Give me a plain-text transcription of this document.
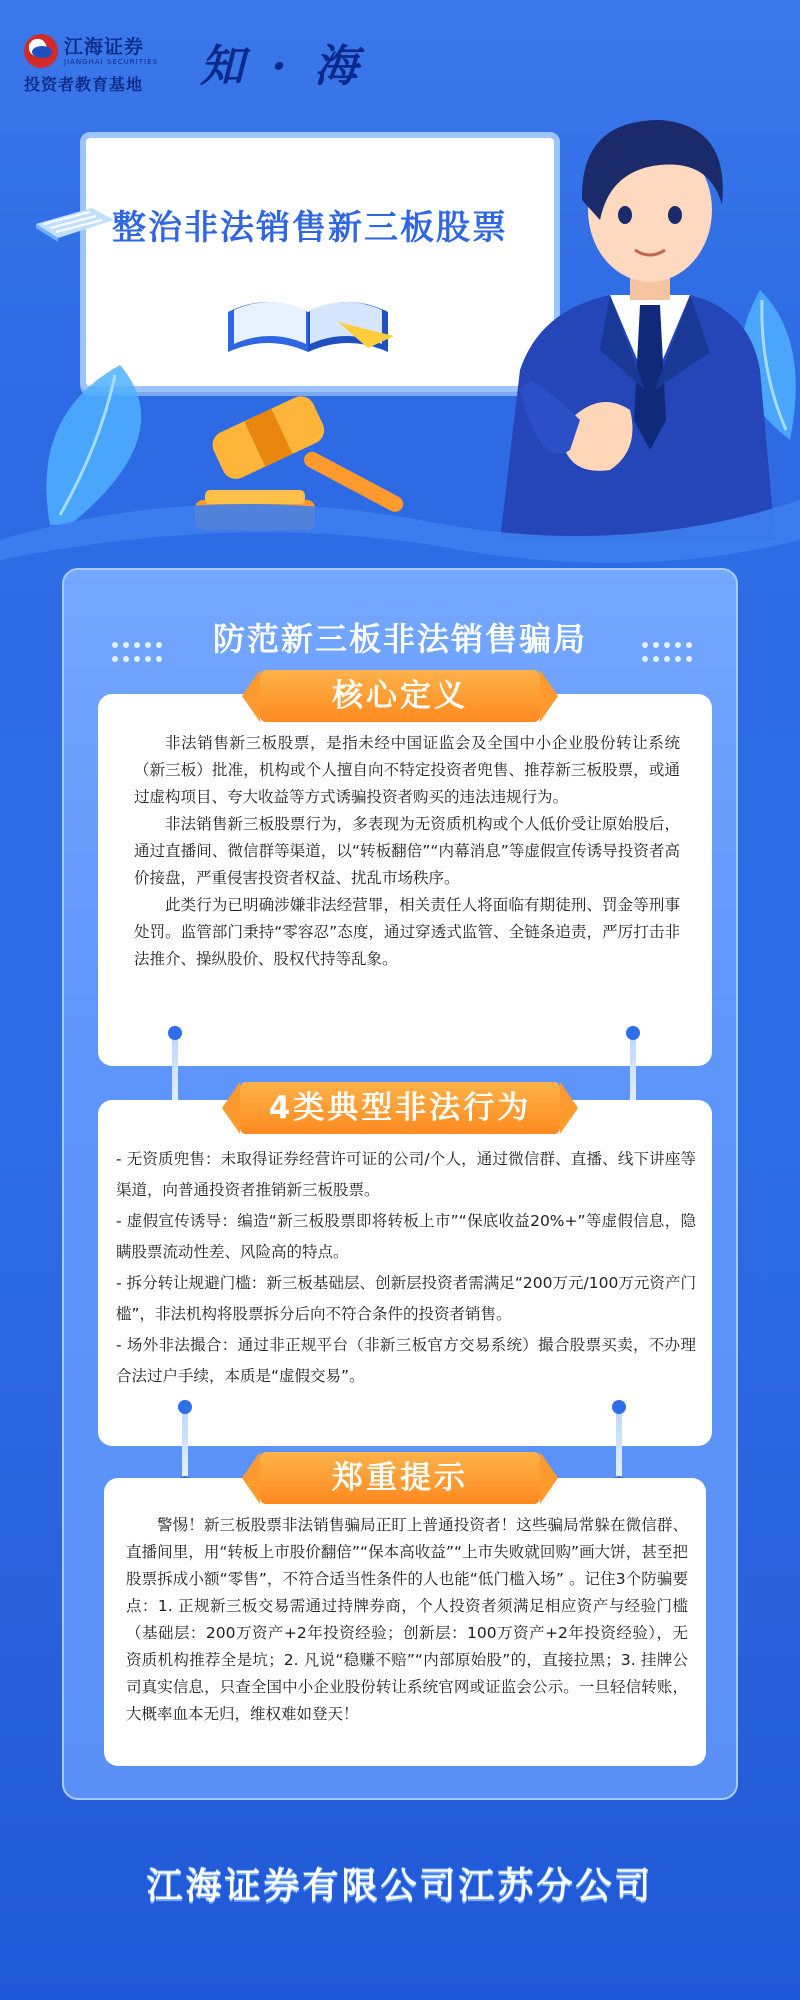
江海证券
JIANGHAI SECURITIES
投资者教育基地 知 · 海
整治非法销售新三板股票
防范新三板非法销售骗局

非法销售新三板股票，是指未经中国证监会及全国中小企业股份转让系统（新三板）批准，机构或个人擅自向不特定投资者兜售、推荐新三板股票，或通过虚构项目、夸大收益等方式诱骗投资者购买的违法违规行为。

非法销售新三板股票行为，多表现为无资质机构或个人低价受让原始股后，通过直播间、微信群等渠道，以“转板翻倍”“内幕消息”等虚假宣传诱导投资者高价接盘，严重侵害投资者权益、扰乱市场秩序。

此类行为已明确涉嫌非法经营罪，相关责任人将面临有期徒刑、罚金等刑事处罚。监管部门秉持“零容忍”态度，通过穿透式监管、全链条追责，严厉打击非法推介、操纵股价、股权代持等乱象。

核心定义

- 无资质兜售：未取得证券经营许可证的公司/个人，通过微信群、直播、线下讲座等渠道，向普通投资者推销新三板股票。

- 虚假宣传诱导：编造“新三板股票即将转板上市”“保底收益20%+”等虚假信息，隐瞒股票流动性差、风险高的特点。

- 拆分转让规避门槛：新三板基础层、创新层投资者需满足“200万元/100万元资产门槛”，非法机构将股票拆分后向不符合条件的投资者销售。

- 场外非法撮合：通过非正规平台（非新三板官方交易系统）撮合股票买卖，不办理合法过户手续，本质是“虚假交易”。

4类典型非法行为

警惕！新三板股票非法销售骗局正盯上普通投资者！这些骗局常躲在微信群、直播间里，用“转板上市股价翻倍”“保本高收益”“上市失败就回购”画大饼，甚至把股票拆成小额“零售”，不符合适当性条件的人也能“低门槛入场” 。记住3个防骗要点：1. 正规新三板交易需通过持牌券商，个人投资者须满足相应资产与经验门槛（基础层：200万资产+2年投资经验；创新层：100万资产+2年投资经验），无资质机构推荐全是坑；2. 凡说“稳赚不赔”“内部原始股”的，直接拉黑；3. 挂牌公司真实信息，只查全国中小企业股份转让系统官网或证监会公示。一旦轻信转账，大概率血本无归，维权难如登天！

郑重提示
江海证券有限公司江苏分公司
